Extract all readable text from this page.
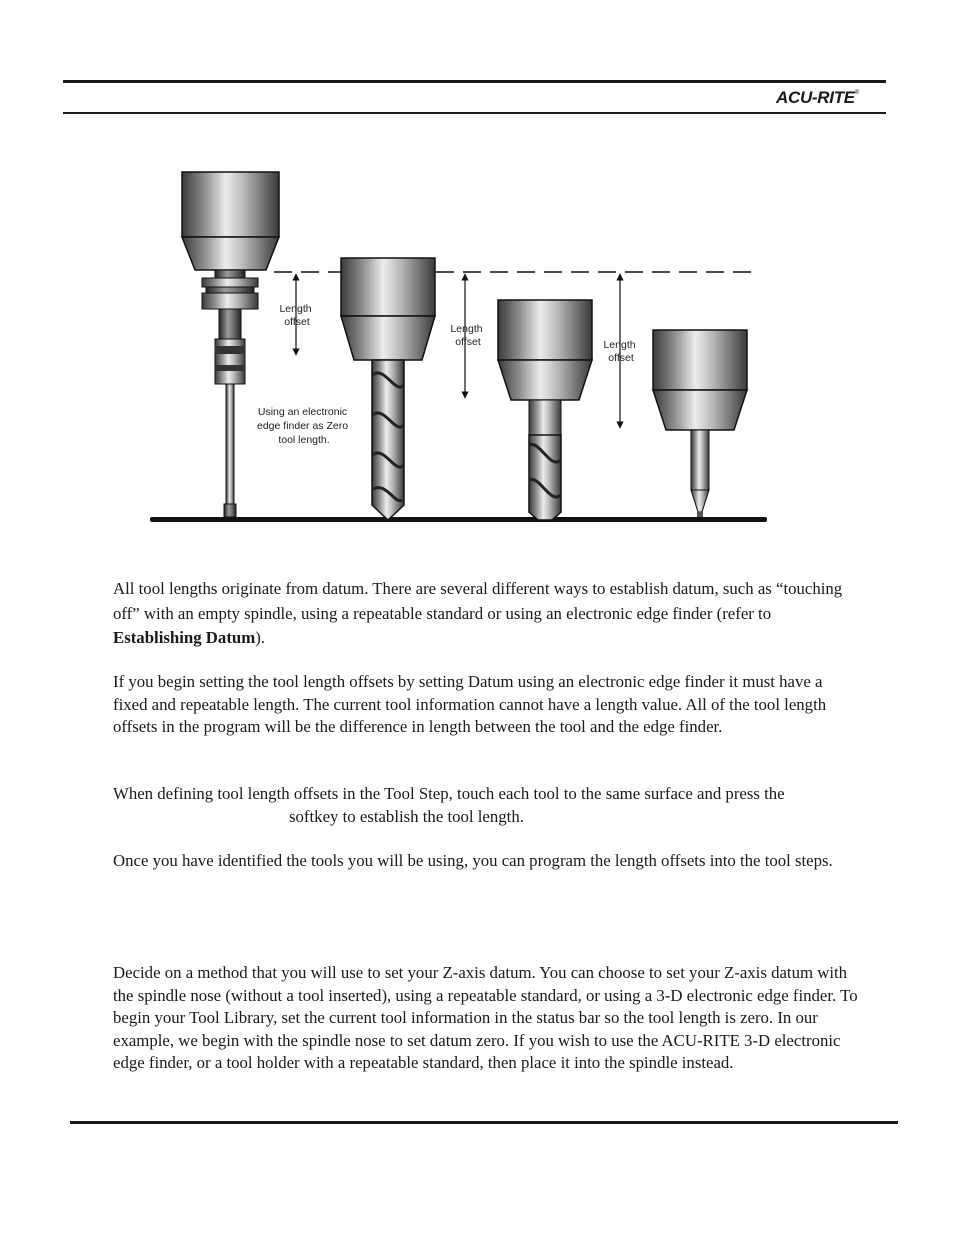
ACU-RITE®
Length offset
Length offset	Length offset
Using an electronic edge finder as Zero tool length.

All tool lengths originate from datum. There are several different ways to establish datum, such as “touching off” with an empty spindle, using a repeatable standard or using an electronic edge finder (refer to Establishing Datum).

If you begin setting the tool length offsets by setting Datum using an electronic edge finder it must have a fixed and repeatable length. The current tool information cannot have a length value. All of the tool length offsets in the program will be the difference in length between the tool and the edge finder.

When defining tool length offsets in the Tool Step, touch each tool to the same surface and press thesoftkey to establish the tool length.

Once you have identified the tools you will be using, you can program the length offsets into the tool steps.

Decide on a method that you will use to set your Z-axis datum. You can choose to set your Z-axis datum with the spindle nose (without a tool inserted), using a repeatable standard, or using a 3-D electronic edge finder. To begin your Tool Library, set the current tool information in the status bar so the tool length is zero. In our example, we begin with the spindle nose to set datum zero. If you wish to use the ACU-RITE 3-D electronic edge finder, or a tool holder with a repeatable standard, then place it into the spindle instead.
